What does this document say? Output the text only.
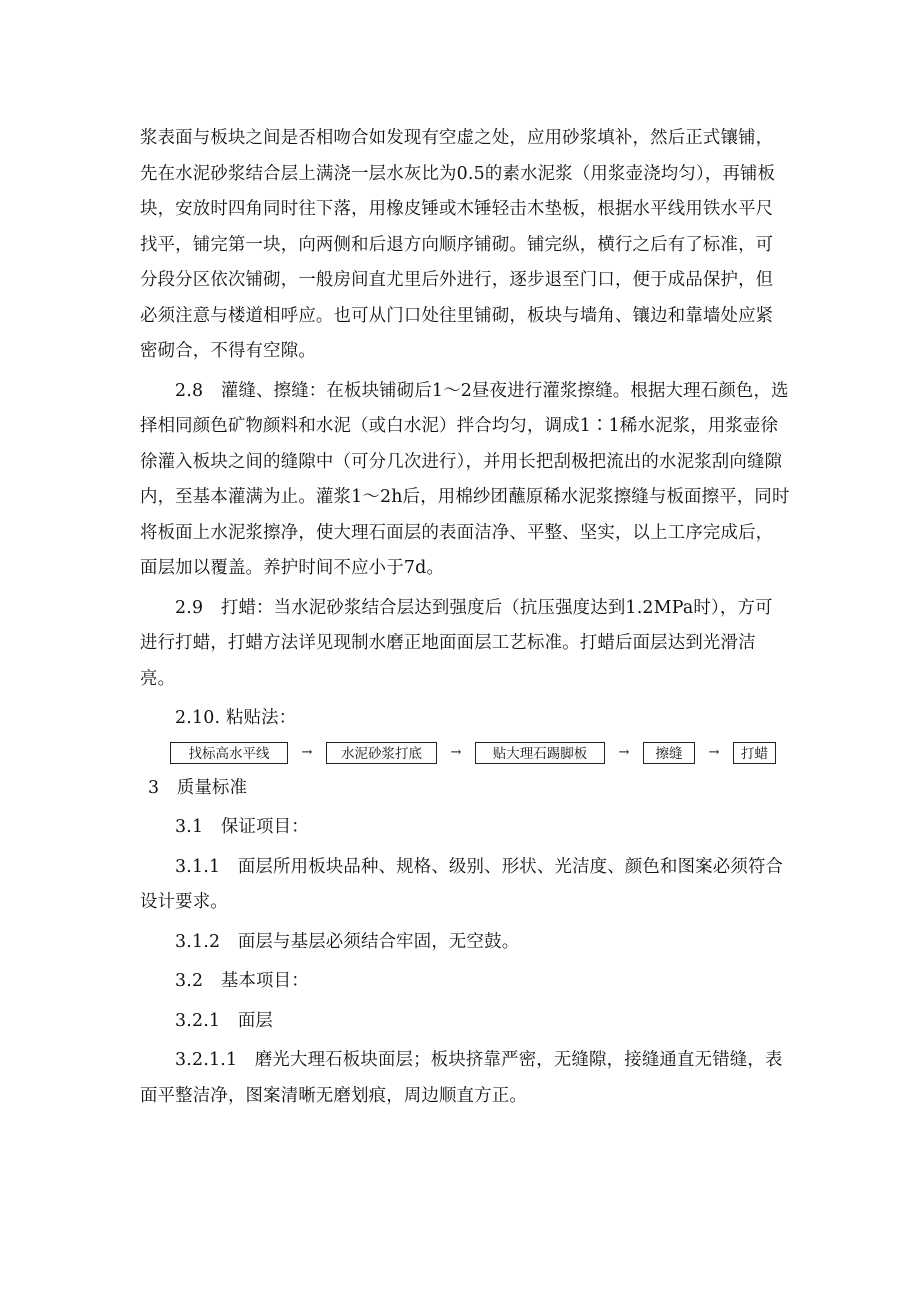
浆表面与板块之间是否相吻合如发现有空虚之处，应用砂浆填补，然后正式镶铺，先在水泥砂浆结合层上满浇一层水灰比为0.5的素水泥浆（用浆壶浇均匀），再铺板块，安放时四角同时往下落，用橡皮锤或木锤轻击木垫板，根据水平线用铁水平尺找平，铺完第一块，向两侧和后退方向顺序铺砌。铺完纵，横行之后有了标准，可分段分区依次铺砌，一般房间直尤里后外进行，逐步退至门口，便于成品保护，但必须注意与楼道相呼应。也可从门口处往里铺砌，板块与墙角、镶边和靠墙处应紧密砌合，不得有空隙。

2.8　灌缝、擦缝：在板块铺砌后1～2昼夜进行灌浆擦缝。根据大理石颜色，选择相同颜色矿物颜料和水泥（或白水泥）拌合均匀，调成1∶1稀水泥浆，用浆壶徐徐灌入板块之间的缝隙中（可分几次进行），并用长把刮极把流出的水泥浆刮向缝隙内，至基本灌满为止。灌浆1～2h后，用棉纱团蘸原稀水泥浆擦缝与板面擦平，同时将板面上水泥浆擦净，使大理石面层的表面洁净、平整、坚实，以上工序完成后，面层加以覆盖。养护时间不应小于7d。

2.9　打蜡：当水泥砂浆结合层达到强度后（抗压强度达到1.2MPa时），方可进行打蜡，打蜡方法详见现制水磨正地面面层工艺标准。打蜡后面层达到光滑洁亮。

2.10. 粘贴法：

找标高水平线	→	水泥砂浆打底	→	贴大理石踢脚板	→	擦缝	→	打蜡

3　质量标准

3.1　保证项目：

3.1.1　面层所用板块品种、规格、级别、形状、光洁度、颜色和图案必须符合设计要求。

3.1.2　面层与基层必须结合牢固，无空鼓。

3.2　基本项目：

3.2.1　面层

3.2.1.1　磨光大理石板块面层；板块挤靠严密，无缝隙，接缝通直无错缝，表面平整洁净，图案清晰无磨划痕，周边顺直方正。
